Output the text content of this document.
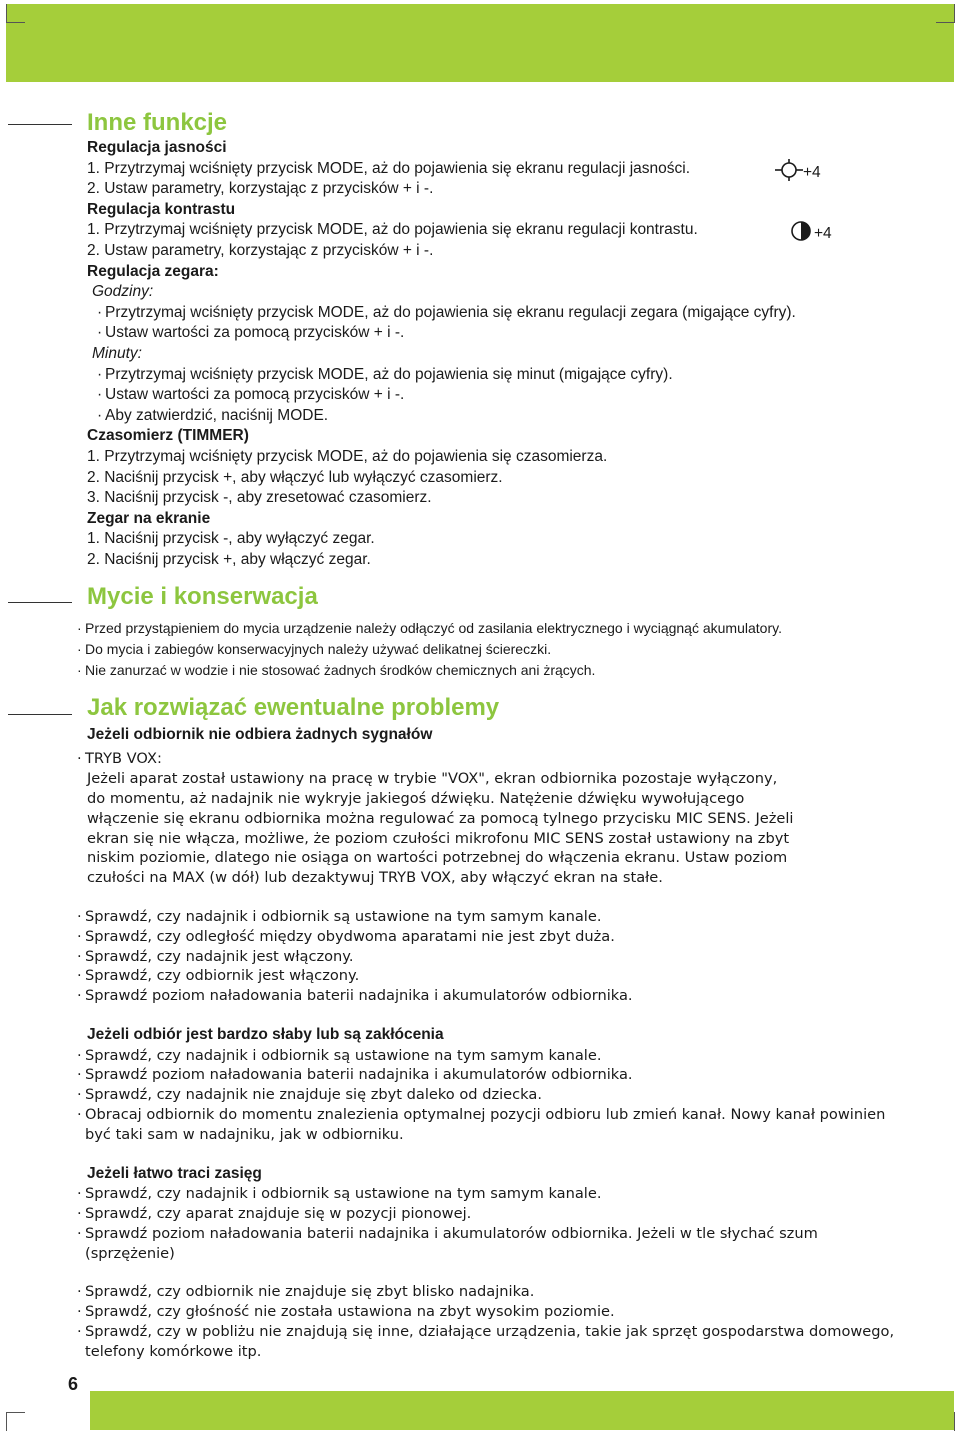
Inne funkcje
Regulacja jasności
1. Przytrzymaj wciśnięty przycisk MODE, aż do pojawienia się ekranu regulacji jasności.	+4
2. Ustaw parametry, korzystając z przycisków + i -.
Regulacja kontrastu
1. Przytrzymaj wciśnięty przycisk MODE, aż do pojawienia się ekranu regulacji kontrastu.	+4
2. Ustaw parametry, korzystając z przycisków + i -.
Regulacja zegara:
Godziny:
· Przytrzymaj wciśnięty przycisk MODE, aż do pojawienia się ekranu regulacji zegara (migające cyfry).
· Ustaw wartości za pomocą przycisków + i -.
Minuty:
· Przytrzymaj wciśnięty przycisk MODE, aż do pojawienia się minut (migające cyfry).
· Ustaw wartości za pomocą przycisków + i -.
· Aby zatwierdzić, naciśnij MODE.
Czasomierz (TIMMER)
1. Przytrzymaj wciśnięty przycisk MODE, aż do pojawienia się czasomierza.
2. Naciśnij przycisk +, aby włączyć lub wyłączyć czasomierz.
3. Naciśnij przycisk -, aby zresetować czasomierz.
Zegar na ekranie
1. Naciśnij przycisk -, aby wyłączyć zegar.
2. Naciśnij przycisk +, aby włączyć zegar.
Mycie i konserwacja
· Przed przystąpieniem do mycia urządzenie należy odłączyć od zasilania elektrycznego i wyciągnąć akumulatory.
· Do mycia i zabiegów konserwacyjnych należy używać delikatnej ściereczki.
· Nie zanurzać w wodzie i nie stosować żadnych środków chemicznych ani żrących.
Jak rozwiązać ewentualne problemy
Jeżeli odbiornik nie odbiera żadnych sygnałów
· TRYB VOX:
Jeżeli aparat został ustawiony na pracę w trybie "VOX", ekran odbiornika pozostaje wyłączony,
do momentu, aż nadajnik nie wykryje jakiegoś dźwięku. Natężenie dźwięku wywołującego
włączenie się ekranu odbiornika można regulować za pomocą tylnego przycisku MIC SENS. Jeżeli
ekran się nie włącza, możliwe, że poziom czułości mikrofonu MIC SENS został ustawiony na zbyt
niskim poziomie, dlatego nie osiąga on wartości potrzebnej do włączenia ekranu. Ustaw poziom
czułości na MAX (w dół) lub dezaktywuj TRYB VOX, aby włączyć ekran na stałe.
· Sprawdź, czy nadajnik i odbiornik są ustawione na tym samym kanale.
· Sprawdź, czy odległość między obydwoma aparatami nie jest zbyt duża.
· Sprawdź, czy nadajnik jest włączony.
· Sprawdź, czy odbiornik jest włączony.
· Sprawdź poziom naładowania baterii nadajnika i akumulatorów odbiornika.
Jeżeli odbiór jest bardzo słaby lub są zakłócenia
· Sprawdź, czy nadajnik i odbiornik są ustawione na tym samym kanale.
· Sprawdź poziom naładowania baterii nadajnika i akumulatorów odbiornika.
· Sprawdź, czy nadajnik nie znajduje się zbyt daleko od dziecka.
· Obracaj odbiornik do momentu znalezienia optymalnej pozycji odbioru lub zmień kanał. Nowy kanał powinien być taki sam w nadajniku, jak w odbiorniku.
Jeżeli łatwo traci zasięg
· Sprawdź, czy nadajnik i odbiornik są ustawione na tym samym kanale.
· Sprawdź, czy aparat znajduje się w pozycji pionowej.
· Sprawdź poziom naładowania baterii nadajnika i akumulatorów odbiornika. Jeżeli w tle słychać szum (sprzężenie)
· Sprawdź, czy odbiornik nie znajduje się zbyt blisko nadajnika.
· Sprawdź, czy głośność nie została ustawiona na zbyt wysokim poziomie.
· Sprawdź, czy w pobliżu nie znajdują się inne, działające urządzenia, takie jak sprzęt gospodarstwa domowego, telefony komórkowe itp.
6
